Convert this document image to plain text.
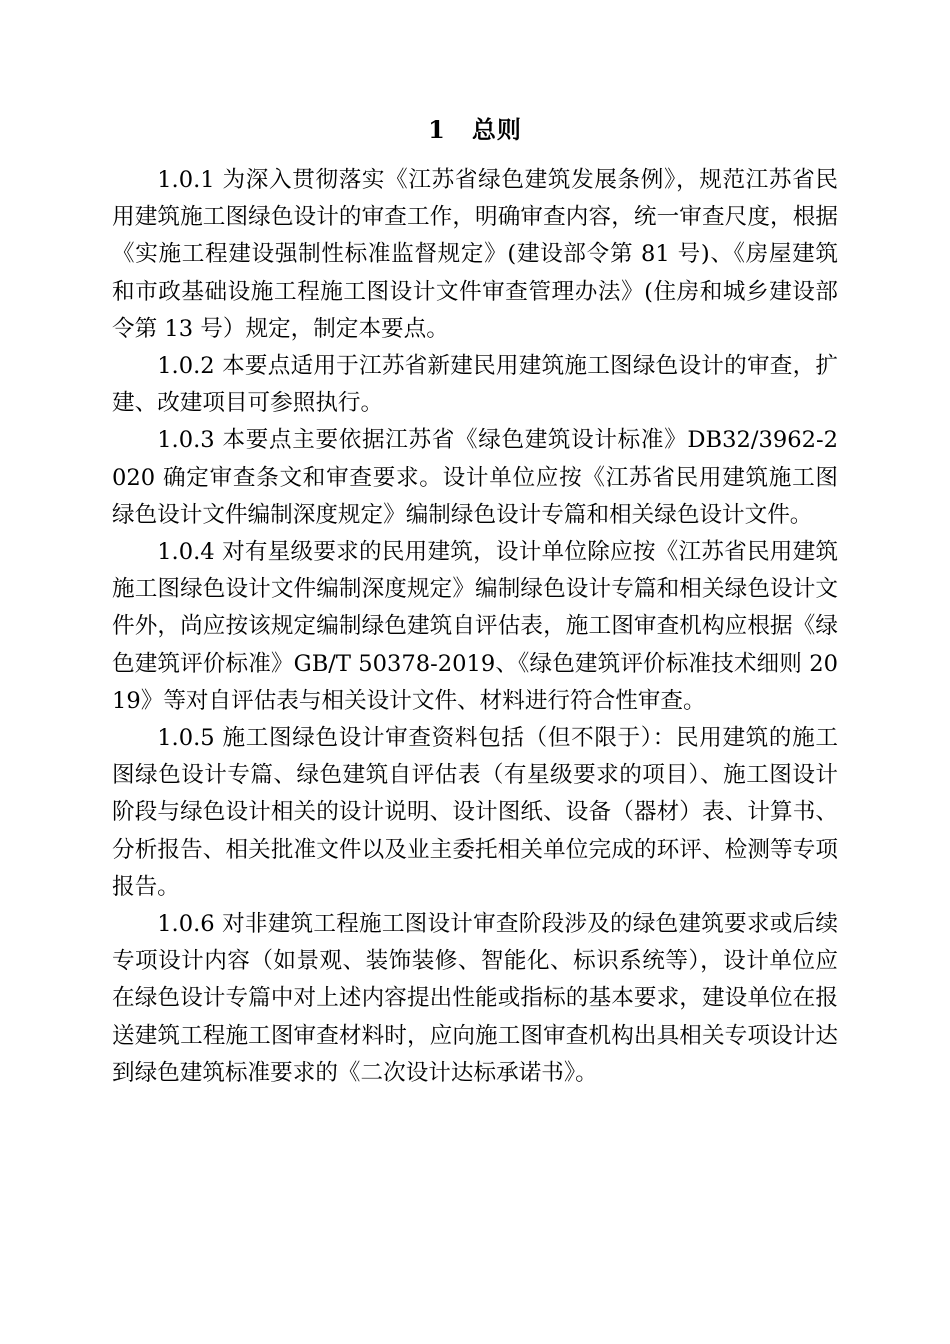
1 总则

1.0.1 为深入贯彻落实《江苏省绿色建筑发展条例》，规范江苏省民用建筑施工图绿色设计的审查工作，明确审查内容，统一审查尺度，根据《实施工程建设强制性标准监督规定》(建设部令第 81 号)、《房屋建筑和市政基础设施工程施工图设计文件审查管理办法》(住房和城乡建设部令第 13 号）规定，制定本要点。

1.0.2 本要点适用于江苏省新建民用建筑施工图绿色设计的审查，扩建、改建项目可参照执行。

1.0.3 本要点主要依据江苏省《绿色建筑设计标准》DB32/3962-2020 确定审查条文和审查要求。设计单位应按《江苏省民用建筑施工图绿色设计文件编制深度规定》编制绿色设计专篇和相关绿色设计文件。

1.0.4 对有星级要求的民用建筑，设计单位除应按《江苏省民用建筑施工图绿色设计文件编制深度规定》编制绿色设计专篇和相关绿色设计文件外，尚应按该规定编制绿色建筑自评估表，施工图审查机构应根据《绿色建筑评价标准》GB/T 50378-2019、《绿色建筑评价标准技术细则 2019》等对自评估表与相关设计文件、材料进行符合性审查。

1.0.5 施工图绿色设计审查资料包括（但不限于）：民用建筑的施工图绿色设计专篇、绿色建筑自评估表（有星级要求的项目）、施工图设计阶段与绿色设计相关的设计说明、设计图纸、设备（器材）表、计算书、分析报告、相关批准文件以及业主委托相关单位完成的环评、检测等专项报告。

1.0.6 对非建筑工程施工图设计审查阶段涉及的绿色建筑要求或后续专项设计内容（如景观、装饰装修、智能化、标识系统等），设计单位应在绿色设计专篇中对上述内容提出性能或指标的基本要求，建设单位在报送建筑工程施工图审查材料时，应向施工图审查机构出具相关专项设计达到绿色建筑标准要求的《二次设计达标承诺书》。
